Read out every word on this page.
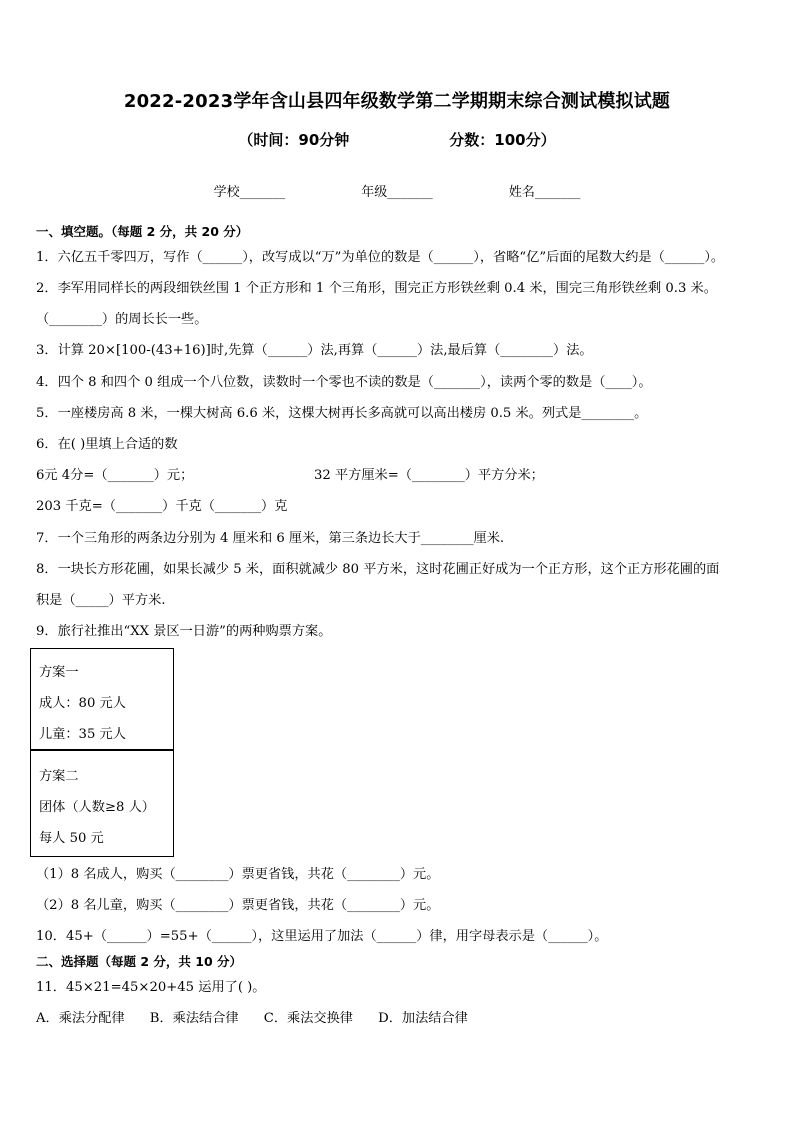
2022-2023学年含山县四年级数学第二学期期末综合测试模拟试题
（时间：90分钟	分数：100分）
学校_______	年级_______	姓名_______
一、填空题。（每题 2 分，共 20 分）
1．六亿五千零四万，写作（______），改写成以“万”为单位的数是（______），省略“亿”后面的尾数大约是（______）。
2．李军用同样长的两段细铁丝围 1 个正方形和 1 个三角形，围完正方形铁丝剩 0.4 米，围完三角形铁丝剩 0.3 米。
（________）的周长长一些。
3．计算 20×[100-(43+16)]时,先算（______）法,再算（______）法,最后算（________）法。
4．四个 8 和四个 0 组成一个八位数，读数时一个零也不读的数是（_______），读两个零的数是（____）。
5．一座楼房高 8 米，一棵大树高 6.6 米，这棵大树再长多高就可以高出楼房 0.5 米。列式是________。
6．在( )里填上合适的数
6元 4分=（_______）元；	32 平方厘米=（________）平方分米；
203 千克=（_______）千克（_______）克
7．一个三角形的两条边分别为 4 厘米和 6 厘米，第三条边长大于________厘米.
8．一块长方形花圃，如果长减少 5 米，面积就减少 80 平方米，这时花圃正好成为一个正方形，这个正方形花圃的面
积是（_____）平方米.
9．旅行社推出“XX 景区一日游”的两种购票方案。
方案一
成人：80 元人
儿童：35 元人
方案二
团体（人数≥8 人）
每人 50 元
（1）8 名成人，购买（________）票更省钱，共花（________）元。
（2）8 名儿童，购买（________）票更省钱，共花（________）元。
10．45+（______）=55+（______），这里运用了加法（______）律，用字母表示是（______）。
二、选择题（每题 2 分，共 10 分）
11．45×21=45×20+45 运用了( )。
A．乘法分配律      B．乘法结合律      C．乘法交换律      D．加法结合律
